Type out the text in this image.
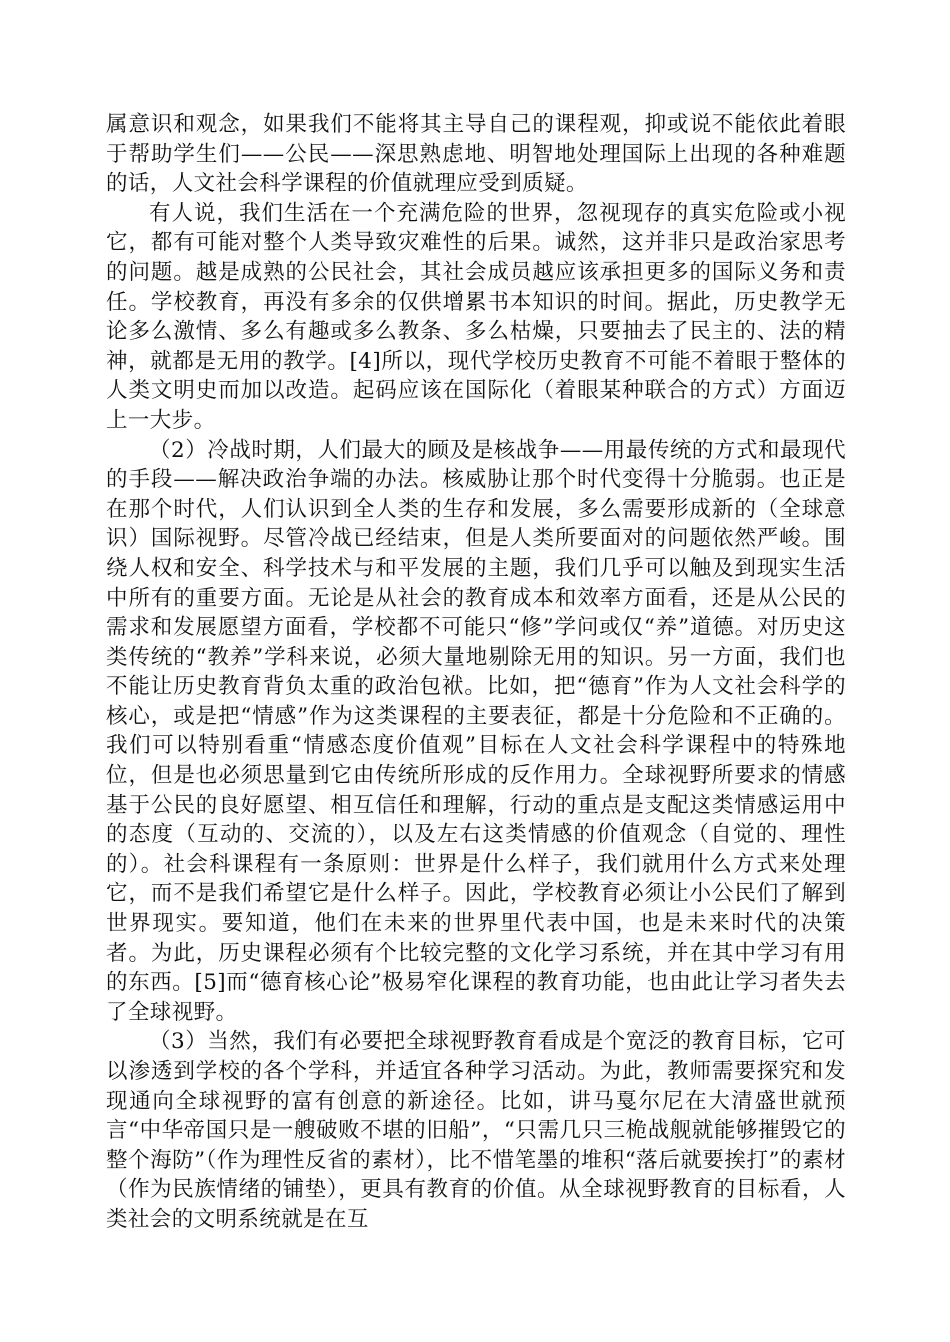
属意识和观念，如果我们不能将其主导自己的课程观，抑或说不能依此着眼于帮助学生们——公民——深思熟虑地、明智地处理国际上出现的各种难题的话，人文社会科学课程的价值就理应受到质疑。

有人说，我们生活在一个充满危险的世界，忽视现存的真实危险或小视它，都有可能对整个人类导致灾难性的后果。诚然，这并非只是政治家思考的问题。越是成熟的公民社会，其社会成员越应该承担更多的国际义务和责任。学校教育，再没有多余的仅供增累书本知识的时间。据此，历史教学无论多么激情、多么有趣或多么教条、多么枯燥，只要抽去了民主的、法的精神，就都是无用的教学。[4]所以，现代学校历史教育不可能不着眼于整体的人类文明史而加以改造。起码应该在国际化（着眼某种联合的方式）方面迈上一大步。

（2）冷战时期，人们最大的顾及是核战争——用最传统的方式和最现代的手段——解决政治争端的办法。核威胁让那个时代变得十分脆弱。也正是在那个时代，人们认识到全人类的生存和发展，多么需要形成新的（全球意识）国际视野。尽管冷战已经结束，但是人类所要面对的问题依然严峻。围绕人权和安全、科学技术与和平发展的主题，我们几乎可以触及到现实生活中所有的重要方面。无论是从社会的教育成本和效率方面看，还是从公民的需求和发展愿望方面看，学校都不可能只“修”学问或仅“养”道德。对历史这类传统的“教养”学科来说，必须大量地剔除无用的知识。另一方面，我们也不能让历史教育背负太重的政治包袱。比如，把“德育”作为人文社会科学的核心，或是把“情感”作为这类课程的主要表征，都是十分危险和不正确的。我们可以特别看重“情感态度价值观”目标在人文社会科学课程中的特殊地位，但是也必须思量到它由传统所形成的反作用力。全球视野所要求的情感基于公民的良好愿望、相互信任和理解，行动的重点是支配这类情感运用中的态度（互动的、交流的），以及左右这类情感的价值观念（自觉的、理性的）。社会科课程有一条原则：世界是什么样子，我们就用什么方式来处理它，而不是我们希望它是什么样子。因此，学校教育必须让小公民们了解到世界现实。要知道，他们在未来的世界里代表中国，也是未来时代的决策者。为此，历史课程必须有个比较完整的文化学习系统，并在其中学习有用的东西。[5]而“德育核心论”极易窄化课程的教育功能，也由此让学习者失去了全球视野。

（3）当然，我们有必要把全球视野教育看成是个宽泛的教育目标，它可以渗透到学校的各个学科，并适宜各种学习活动。为此，教师需要探究和发现通向全球视野的富有创意的新途径。比如，讲马戛尔尼在大清盛世就预言“中华帝国只是一艘破败不堪的旧船”，“只需几只三桅战舰就能够摧毁它的整个海防”（作为理性反省的素材），比不惜笔墨的堆积“落后就要挨打”的素材（作为民族情绪的铺垫），更具有教育的价值。从全球视野教育的目标看，人类社会的文明系统就是在互
